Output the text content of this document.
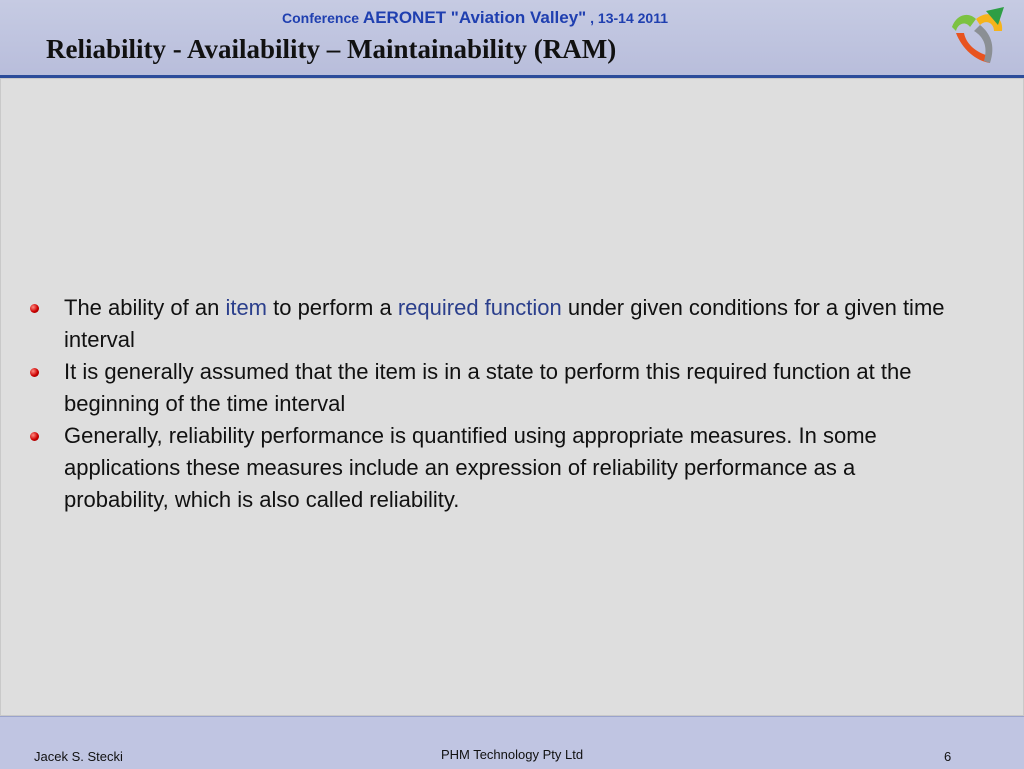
Conference AERONET "Aviation Valley" , 13-14 2011
Reliability - Availability – Maintainability (RAM)
The ability of an item to perform a required function under given conditions for a given time interval
It is generally assumed that the item is in a state to perform this required function at the beginning of the time interval
Generally, reliability performance is quantified using appropriate measures. In some applications these measures include an expression of reliability performance as a probability, which is also called reliability.
Jacek S. Stecki	PHM Technology Pty Ltd	6
